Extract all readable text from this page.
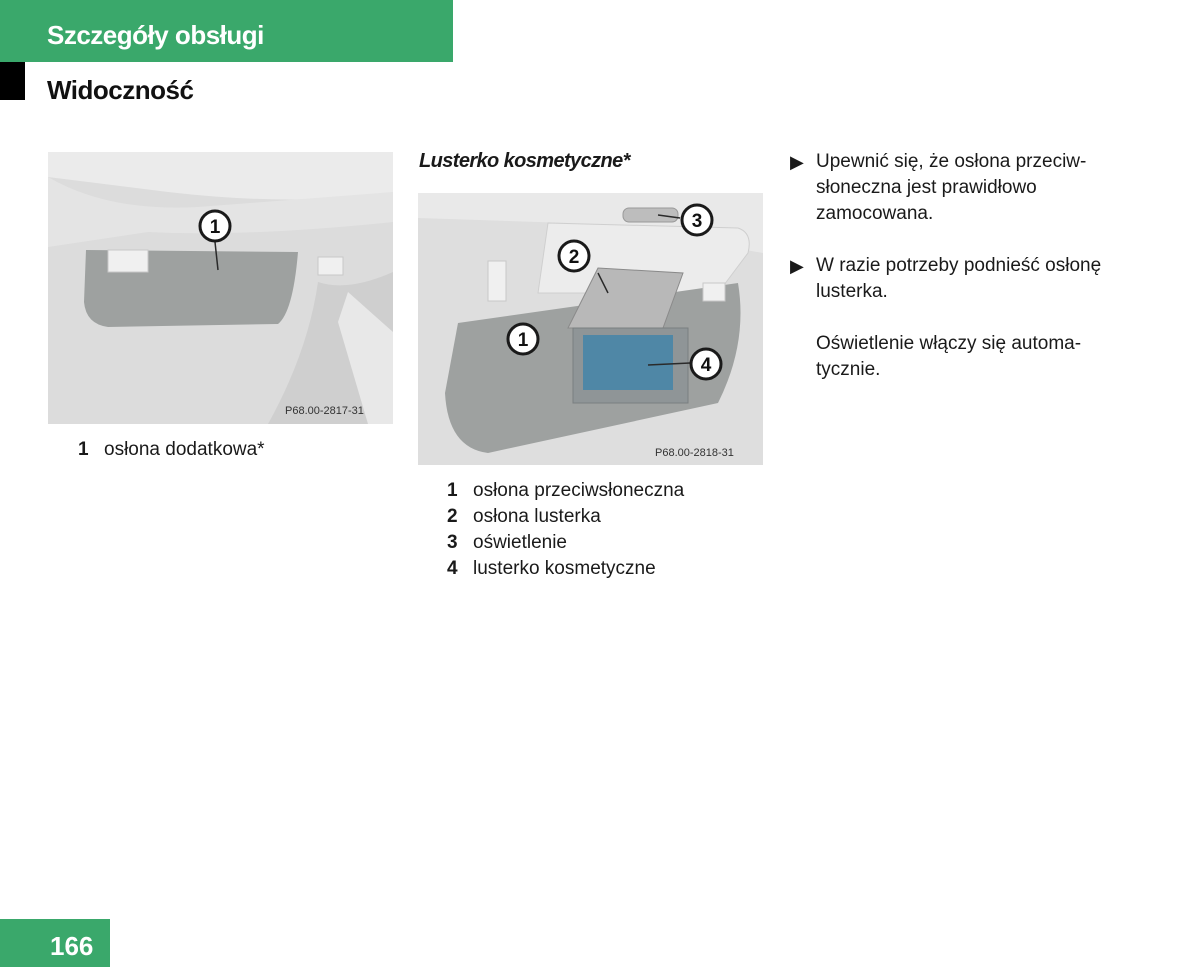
Szczegóły obsługi
Widoczność
1
P68.00-2817-31
1 osłona dodatkowa*
Lusterko kosmetyczne*
1
2
3
4
P68.00-2818-31
1 osłona przeciwsłoneczna
2 osłona lusterka
3 oświetlenie
4 lusterko kosmetyczne
▶ Upewnić się, że osłona przeciw-
słoneczna jest prawidłowo
zamocowana.
▶ W razie potrzeby podnieść osłonę
lusterka.
Oświetlenie włączy się automa-
tycznie.
166
